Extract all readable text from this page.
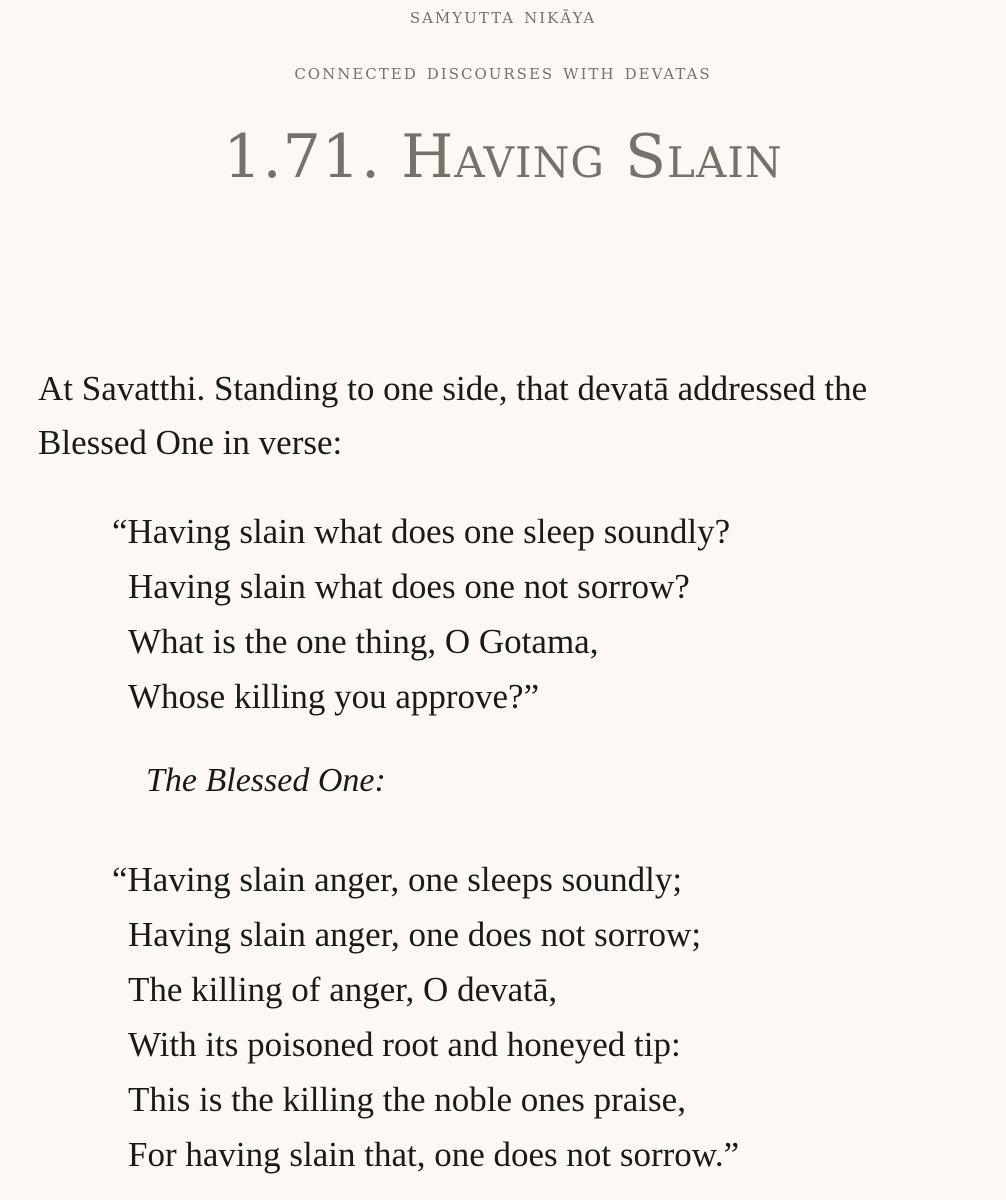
saṁyutta nikāya
connected discourses with devatas
1.71. Having Slain

At Savatthi. Standing to one side, that devatā addressed the Blessed One in verse:

“Having slain what does one sleep soundly?
Having slain what does one not sorrow?
What is the one thing, O Gotama,
Whose killing you approve?”

The Blessed One:

“Having slain anger, one sleeps soundly;
Having slain anger, one does not sorrow;
The killing of anger, O devatā,
With its poisoned root and honeyed tip:
This is the killing the noble ones praise,
For having slain that, one does not sorrow.”
